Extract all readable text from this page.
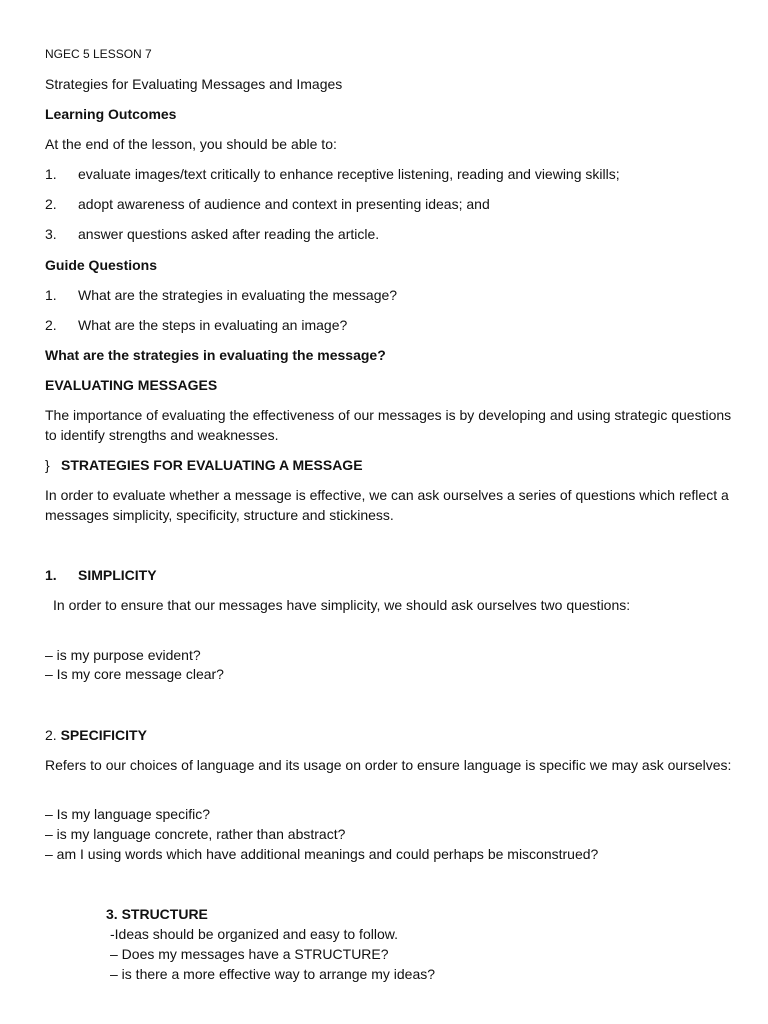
NGEC 5 LESSON 7
Strategies for Evaluating Messages and Images
Learning Outcomes
At the end of the lesson, you should be able to:
1. evaluate images/text critically to enhance receptive listening, reading and viewing skills;
2. adopt awareness of audience and context in presenting ideas; and
3. answer questions asked after reading the article.
Guide Questions
1. What are the strategies in evaluating the message?
2. What are the steps in evaluating an image?
What are the strategies in evaluating the message?
EVALUATING MESSAGES
The importance of evaluating the effectiveness of our messages is by developing and using strategic questions
to identify strengths and weaknesses.
} STRATEGIES FOR EVALUATING A MESSAGE
In order to evaluate whether a message is effective, we can ask ourselves a series of questions which reflect a
messages simplicity, specificity, structure and stickiness.
1. SIMPLICITY
In order to ensure that our messages have simplicity, we should ask ourselves two questions:
– is my purpose evident?
– Is my core message clear?
2. SPECIFICITY
Refers to our choices of language and its usage on order to ensure language is specific we may ask ourselves:
– Is my language specific?
– is my language concrete, rather than abstract?
– am I using words which have additional meanings and could perhaps be misconstrued?
3. STRUCTURE
-Ideas should be organized and easy to follow.
– Does my messages have a STRUCTURE?
– is there a more effective way to arrange my ideas?
